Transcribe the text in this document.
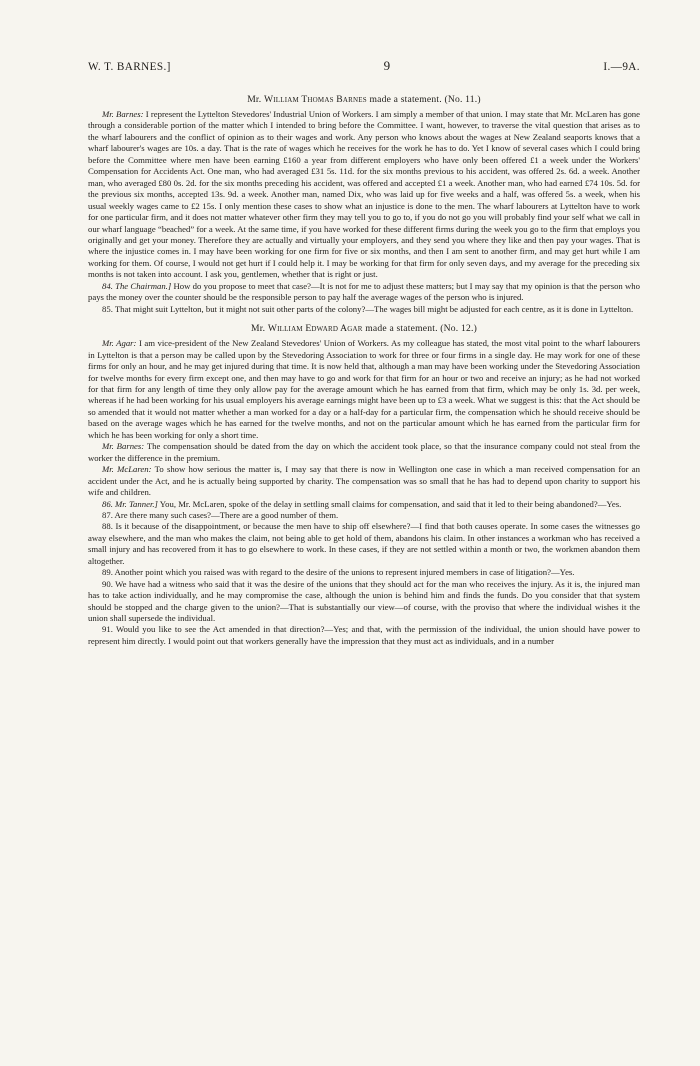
W. T. BARNES.]	9	I.—9A.
Mr. William Thomas Barnes made a statement. (No. 11.)

Mr. Barnes: I represent the Lyttelton Stevedores' Industrial Union of Workers. I am simply a member of that union. I may state that Mr. McLaren has gone through a considerable portion of the matter which I intended to bring before the Committee. I want, however, to traverse the vital question that arises as to the wharf labourers and the conflict of opinion as to their wages and work. Any person who knows about the wages at New Zealand seaports knows that a wharf labourer's wages are 10s. a day. That is the rate of wages which he receives for the work he has to do. Yet I know of several cases which I could bring before the Committee where men have been earning £160 a year from different employers who have only been offered £1 a week under the Workers' Compensation for Accidents Act. One man, who had averaged £31 5s. 11d. for the six months previous to his accident, was offered 2s. 6d. a week. Another man, who averaged £80 0s. 2d. for the six months preceding his accident, was offered and accepted £1 a week. Another man, who had earned £74 10s. 5d. for the previous six months, accepted 13s. 9d. a week. Another man, named Dix, who was laid up for five weeks and a half, was offered 5s. a week, when his usual weekly wages came to £2 15s. I only mention these cases to show what an injustice is done to the men. The wharf labourers at Lyttelton have to work for one particular firm, and it does not matter whatever other firm they may tell you to go to, if you do not go you will probably find your self what we call in our wharf language “beached” for a week. At the same time, if you have worked for these different firms during the week you go to the firm that employs you originally and get your money. Therefore they are actually and virtually your employers, and they send you where they like and then pay your wages. That is where the injustice comes in. I may have been working for one firm for five or six months, and then I am sent to another firm, and may get hurt while I am working for them. Of course, I would not get hurt if I could help it. I may be working for that firm for only seven days, and my average for the preceding six months is not taken into account. I ask you, gentlemen, whether that is right or just.

84. The Chairman.] How do you propose to meet that case?—It is not for me to adjust these matters; but I may say that my opinion is that the person who pays the money over the counter should be the responsible person to pay half the average wages of the person who is injured.

85. That might suit Lyttelton, but it might not suit other parts of the colony?—The wages bill might be adjusted for each centre, as it is done in Lyttelton.

Mr. William Edward Agar made a statement. (No. 12.)

Mr. Agar: I am vice-president of the New Zealand Stevedores' Union of Workers. As my colleague has stated, the most vital point to the wharf labourers in Lyttelton is that a person may be called upon by the Stevedoring Association to work for three or four firms in a single day. He may work for one of these firms for only an hour, and he may get injured during that time. It is now held that, although a man may have been working under the Stevedoring Association for twelve months for every firm except one, and then may have to go and work for that firm for an hour or two and receive an injury; as he had not worked for that firm for any length of time they only allow pay for the average amount which he has earned from that firm, which may be only 1s. 3d. per week, whereas if he had been working for his usual employers his average earnings might have been up to £3 a week. What we suggest is this: that the Act should be so amended that it would not matter whether a man worked for a day or a half-day for a particular firm, the compensation which he should receive should be based on the average wages which he has earned for the twelve months, and not on the particular amount which he has earned from the particular firm for which he has been working for only a short time.

Mr. Barnes: The compensation should be dated from the day on which the accident took place, so that the insurance company could not steal from the worker the difference in the premium.

Mr. McLaren: To show how serious the matter is, I may say that there is now in Wellington one case in which a man received compensation for an accident under the Act, and he is actually being supported by charity. The compensation was so small that he has had to depend upon charity to support his wife and children.

86. Mr. Tanner.] You, Mr. McLaren, spoke of the delay in settling small claims for compensation, and said that it led to their being abandoned?—Yes.

87. Are there many such cases?—There are a good number of them.

88. Is it because of the disappointment, or because the men have to ship off elsewhere?—I find that both causes operate. In some cases the witnesses go away elsewhere, and the man who makes the claim, not being able to get hold of them, abandons his claim. In other instances a workman who has received a small injury and has recovered from it has to go elsewhere to work. In these cases, if they are not settled within a month or two, the workmen abandon them altogether.

89. Another point which you raised was with regard to the desire of the unions to represent injured members in case of litigation?—Yes.

90. We have had a witness who said that it was the desire of the unions that they should act for the man who receives the injury. As it is, the injured man has to take action individually, and he may compromise the case, although the union is behind him and finds the funds. Do you consider that that system should be stopped and the charge given to the union?—That is substantially our view—of course, with the proviso that where the individual wishes it the union shall supersede the individual.

91. Would you like to see the Act amended in that direction?—Yes; and that, with the permission of the individual, the union should have power to represent him directly. I would point out that workers generally have the impression that they must act as individuals, and in a number
